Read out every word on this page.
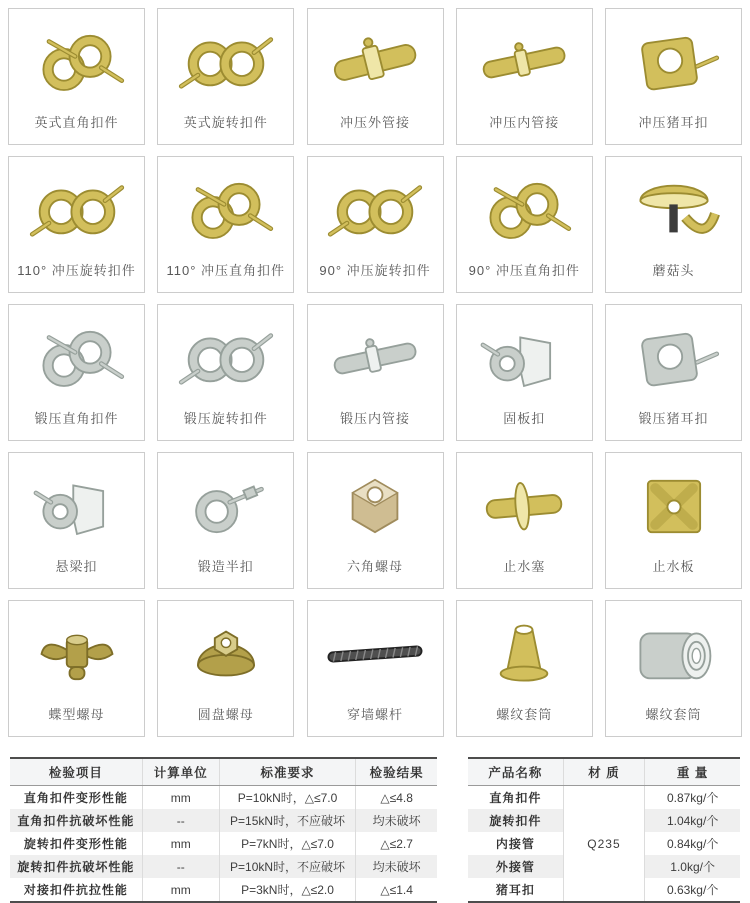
英式直角扣件	英式旋转扣件	冲压外管接	冲压内管接	冲压猪耳扣
110° 冲压旋转扣件 110° 冲压直角扣件	90° 冲压旋转扣件	90° 冲压直角扣件	蘑菇头
锻压直角扣件	锻压旋转扣件	锻压内管接	固板扣	锻压猪耳扣
悬梁扣	锻造半扣	六角螺母	止水塞	止水板
蝶型螺母	圆盘螺母	穿墙螺杆	螺纹套筒	螺纹套筒
检验项目	计算单位	标准要求	检验结果
直角扣件变形性能	mm	P=10kN时，△≤7.0	△≤4.8
直角扣件抗破坏性能	--	P=15kN时，不应破坏	均未破坏
旋转扣件变形性能	mm	P=7kN时，△≤7.0	△≤2.7
旋转扣件抗破坏性能	--	P=10kN时，不应破坏	均未破坏
对接扣件抗拉性能	mm	P=3kN时，△≤2.0	△≤1.4
产品名称	材 质	重 量
直角扣件	Q235	0.87kg/个
旋转扣件		1.04kg/个
内接管		0.84kg/个
外接管		1.0kg/个
猪耳扣		0.63kg/个
